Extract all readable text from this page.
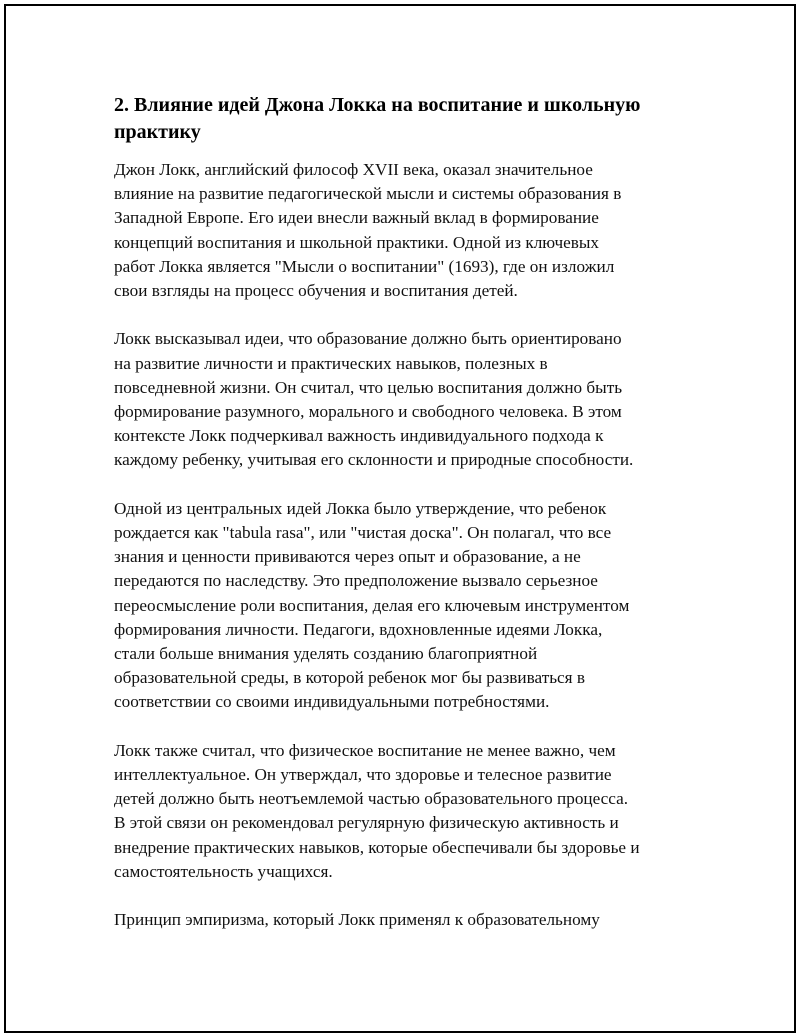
2. Влияние идей Джона Локка на воспитание и школьную
практику

Джон Локк, английский философ XVII века, оказал значительное
влияние на развитие педагогической мысли и системы образования в
Западной Европе. Его идеи внесли важный вклад в формирование
концепций воспитания и школьной практики. Одной из ключевых
работ Локка является "Мысли о воспитании" (1693), где он изложил
свои взгляды на процесс обучения и воспитания детей.

Локк высказывал идеи, что образование должно быть ориентировано
на развитие личности и практических навыков, полезных в
повседневной жизни. Он считал, что целью воспитания должно быть
формирование разумного, морального и свободного человека. В этом
контексте Локк подчеркивал важность индивидуального подхода к
каждому ребенку, учитывая его склонности и природные способности.

Одной из центральных идей Локка было утверждение, что ребенок
рождается как "tabula rasa", или "чистая доска". Он полагал, что все
знания и ценности прививаются через опыт и образование, а не
передаются по наследству. Это предположение вызвало серьезное
переосмысление роли воспитания, делая его ключевым инструментом
формирования личности. Педагоги, вдохновленные идеями Локка,
стали больше внимания уделять созданию благоприятной
образовательной среды, в которой ребенок мог бы развиваться в
соответствии со своими индивидуальными потребностями.

Локк также считал, что физическое воспитание не менее важно, чем
интеллектуальное. Он утверждал, что здоровье и телесное развитие
детей должно быть неотъемлемой частью образовательного процесса.
В этой связи он рекомендовал регулярную физическую активность и
внедрение практических навыков, которые обеспечивали бы здоровье и
самостоятельность учащихся.

Принцип эмпиризма, который Локк применял к образовательному
